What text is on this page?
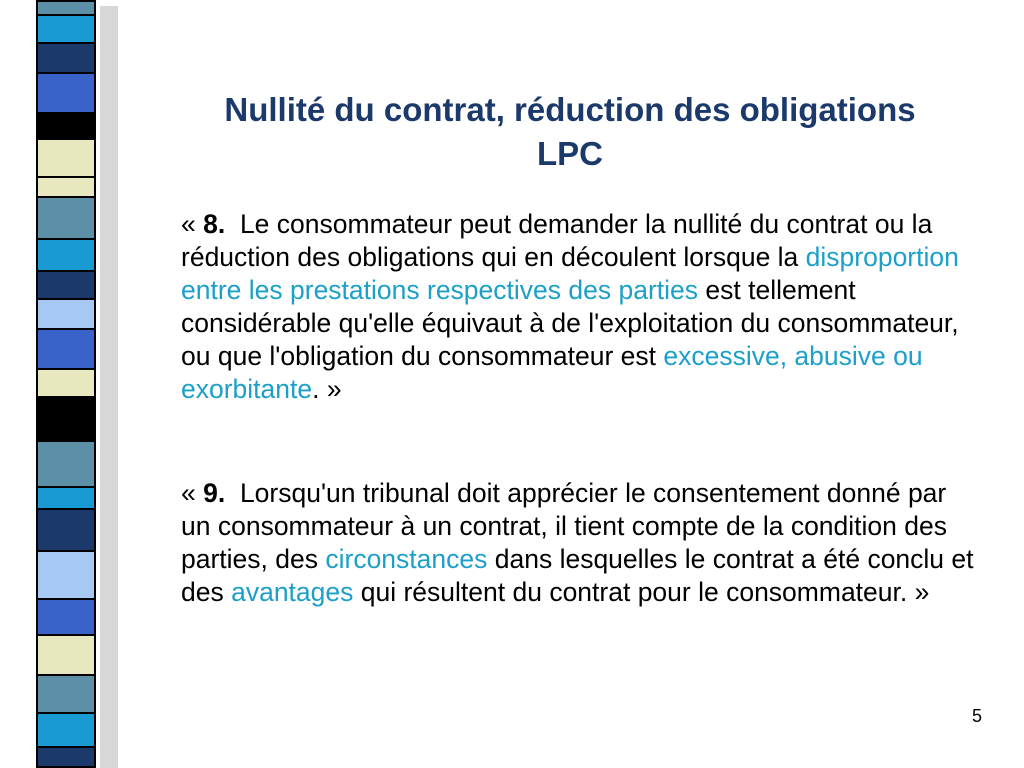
Nullité du contrat, réduction des obligations
LPC
« 8.  Le consommateur peut demander la nullité du contrat ou la réduction des obligations qui en découlent lorsque la disproportion entre les prestations respectives des parties est tellement considérable qu'elle équivaut à de l'exploitation du consommateur, ou que l'obligation du consommateur est excessive, abusive ou exorbitante. »
« 9.  Lorsqu'un tribunal doit apprécier le consentement donné par un consommateur à un contrat, il tient compte de la condition des parties, des circonstances dans lesquelles le contrat a été conclu et des avantages qui résultent du contrat pour le consommateur. »
5
